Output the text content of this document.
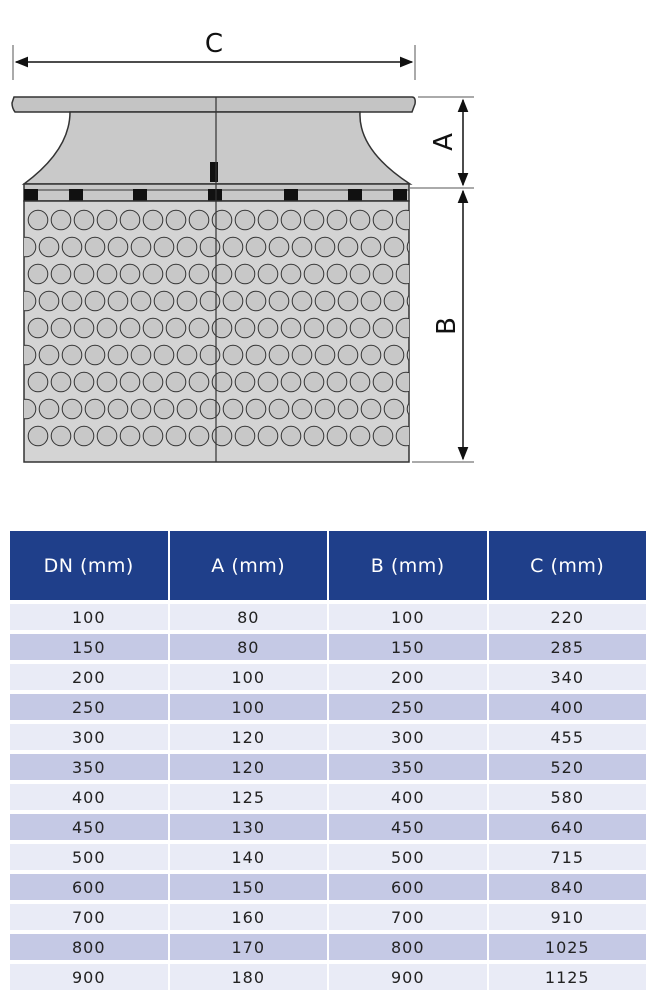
C
A
B
DN (mm)	A (mm)	B (mm)	C (mm)
100	80	100	220
150	80	150	285
200	100	200	340
250	100	250	400
300	120	300	455
350	120	350	520
400	125	400	580
450	130	450	640
500	140	500	715
600	150	600	840
700	160	700	910
800	170	800	1025
900	180	900	1125
